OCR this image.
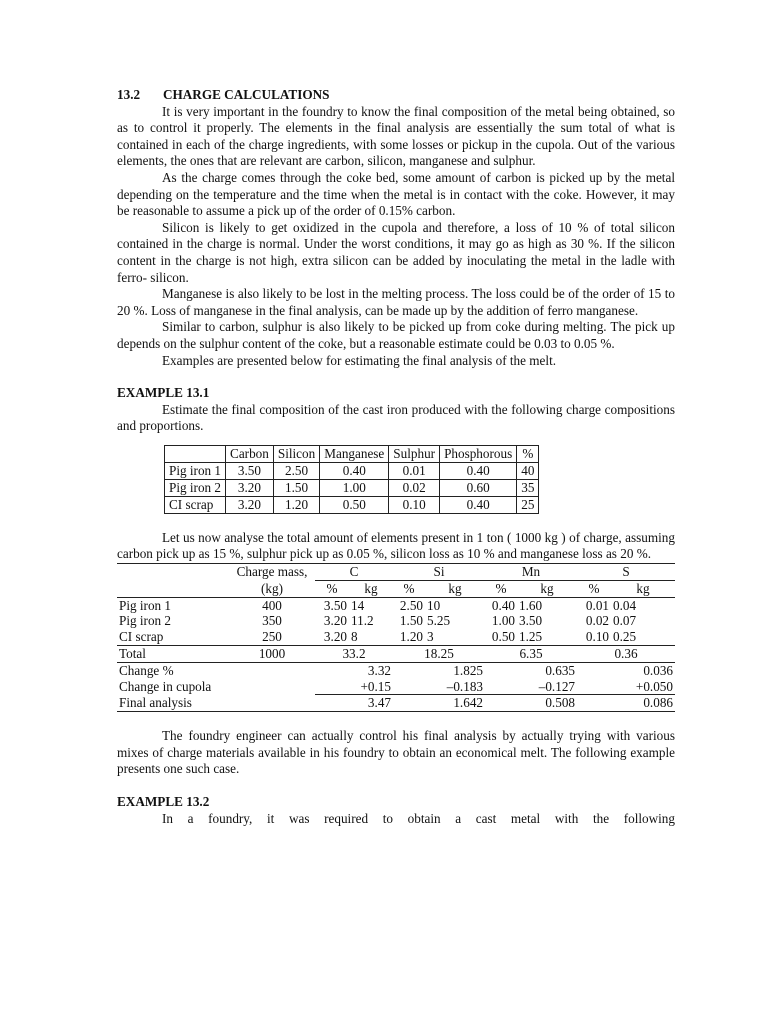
13.2 CHARGE CALCULATIONS

It is very important in the foundry to know the final composition of the metal being obtained, so as to control it properly. The elements in the final analysis are essentially the sum total of what is contained in each of the charge ingredients, with some losses or pickup in the cupola. Out of the various elements, the ones that are relevant are carbon, silicon, manganese and sulphur.

As the charge comes through the coke bed, some amount of carbon is picked up by the metal depending on the temperature and the time when the metal is in contact with the coke. However, it may be reasonable to assume a pick up of the order of 0.15% carbon.

Silicon is likely to get oxidized in the cupola and therefore, a loss of 10 % of total silicon contained in the charge is normal. Under the worst conditions, it may go as high as 30 %. If the silicon content in the charge is not high, extra silicon can be added by inoculating the metal in the ladle with ferro- silicon.

Manganese is also likely to be lost in the melting process. The loss could be of the order of 15 to 20 %. Loss of manganese in the final analysis, can be made up by the addition of ferro manganese.

Similar to carbon, sulphur is also likely to be picked up from coke during melting. The pick up depends on the sulphur content of the coke, but a reasonable estimate could be 0.03 to 0.05 %.

Examples are presented below for estimating the final analysis of the melt.

EXAMPLE 13.1

Estimate the final composition of the cast iron produced with the following charge compositions and proportions.

	Carbon	Silicon	Manganese	Sulphur	Phosphorous	%
Pig iron 1	3.50	2.50	0.40	0.01	0.40	40
Pig iron 2	3.20	1.50	1.00	0.02	0.60	35
CI scrap	3.20	1.20	0.50	0.10	0.40	25

Let us now analyse the total amount of elements present in 1 ton ( 1000 kg ) of charge, assuming carbon pick up as 15 %, sulphur pick up as 0.05 %, silicon loss as 10 % and manganese loss as 20 %.

	Charge mass,	C		Si		Mn		S	
	(kg)	%	kg	%	kg	%	kg	%	kg
Pig iron 1	400	3.50	14	2.50	10	0.40	1.60	0.01	0.04
Pig iron 2	350	3.20	11.2	1.50	5.25	1.00	3.50	0.02	0.07
CI scrap	250	3.20	8	1.20	3	0.50	1.25	0.10	0.25
Total	1000	33.2		18.25		6.35		0.36	
Change %		3.32		1.825		0.635		0.036	
Change in cupola		+0.15		–0.183		–0.127		+0.050	
Final analysis		3.47		1.642		0.508		0.086	

The foundry engineer can actually control his final analysis by actually trying with various mixes of charge materials available in his foundry to obtain an economical melt. The following example presents one such case.

EXAMPLE 13.2

In a foundry, it was required to obtain a cast metal with the following
